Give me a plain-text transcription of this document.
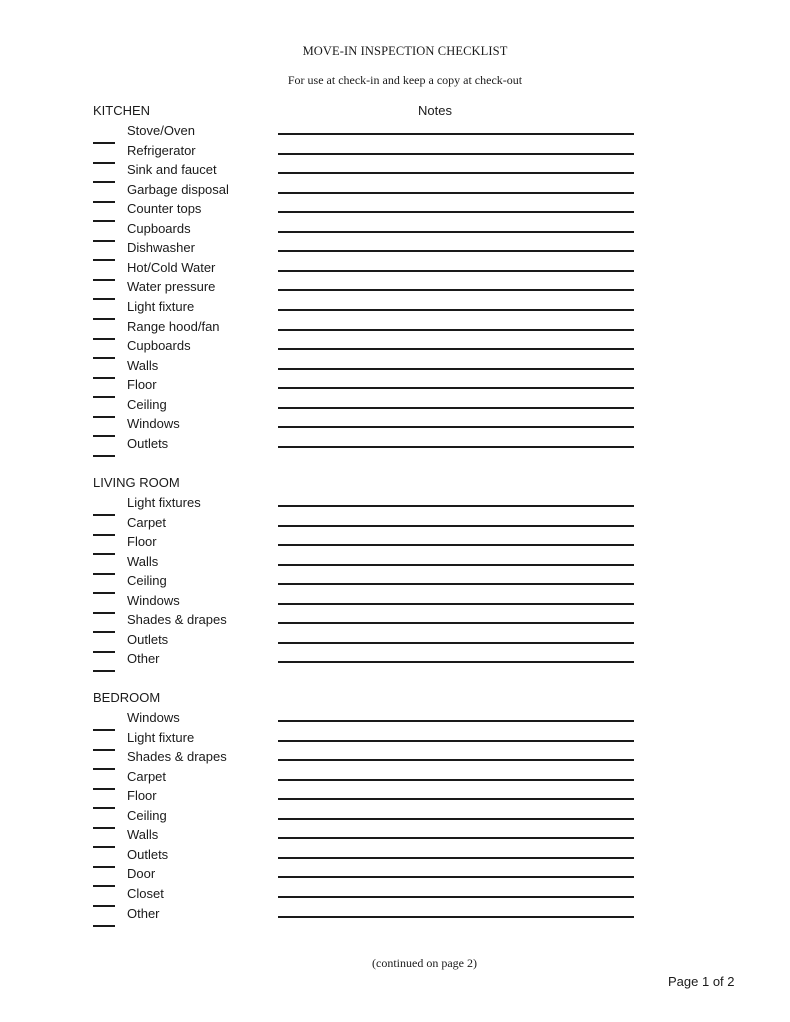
MOVE-IN INSPECTION CHECKLIST
For use at check-in and keep a copy at check-out
Notes
KITCHEN
Stove/Oven
Refrigerator
Sink and faucet
Garbage disposal
Counter tops
Cupboards
Dishwasher
Hot/Cold Water
Water pressure
Light fixture
Range hood/fan
Cupboards
Walls
Floor
Ceiling
Windows
Outlets
LIVING ROOM
Light fixtures
Carpet
Floor
Walls
Ceiling
Windows
Shades & drapes
Outlets
Other
BEDROOM
Windows
Light fixture
Shades & drapes
Carpet
Floor
Ceiling
Walls
Outlets
Door
Closet
Other
(continued on page 2)
Page 1 of 2
